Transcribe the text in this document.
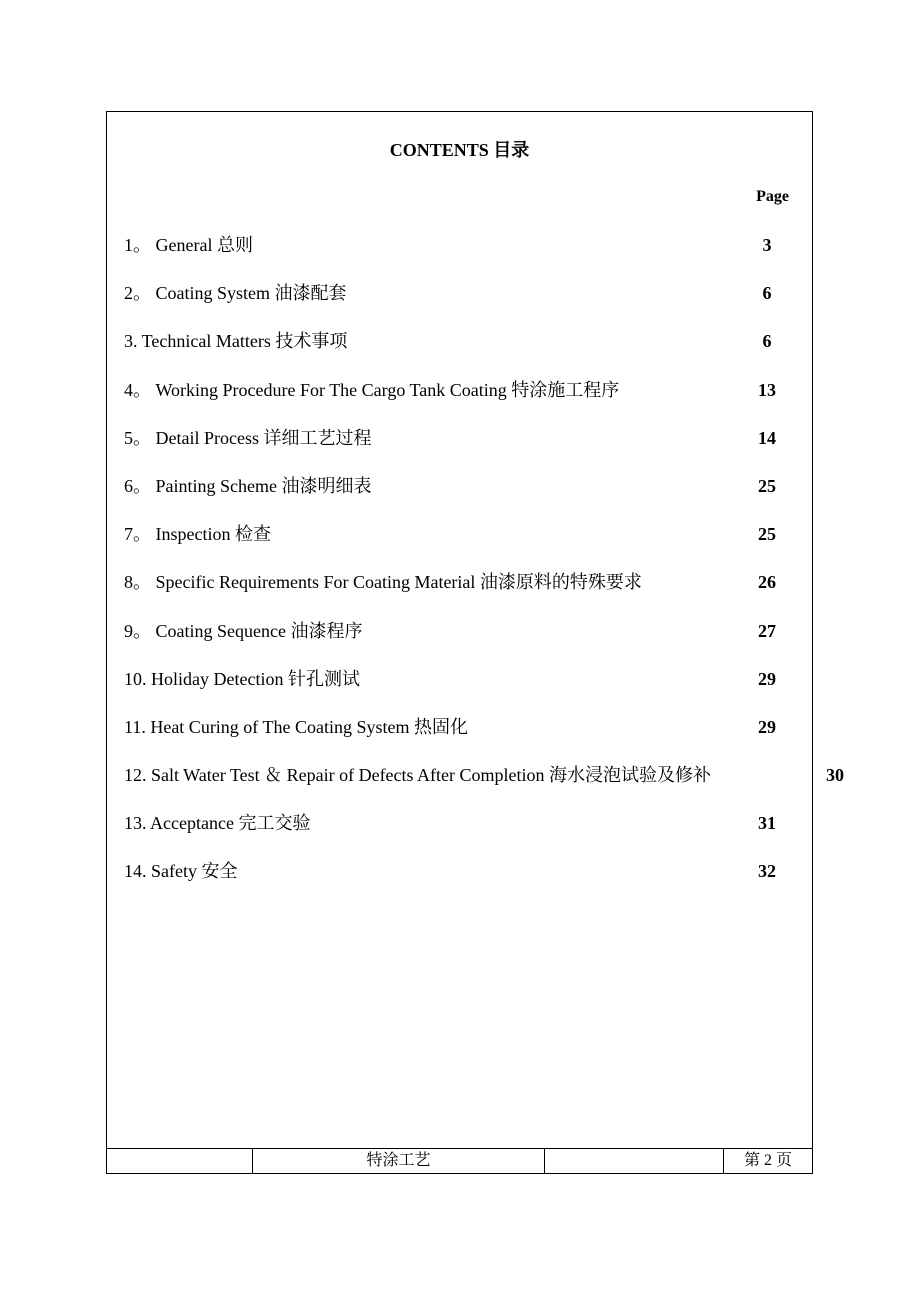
CONTENTS 目录
Page
1。 General 总则	3
2。 Coating System 油漆配套	6
3. Technical Matters 技术事项	6
4。 Working Procedure For The Cargo Tank Coating 特涂施工程序	13
5。 Detail Process 详细工艺过程	14
6。 Painting Scheme 油漆明细表	25
7。 Inspection 检查	25
8。 Specific Requirements For Coating Material 油漆原料的特殊要求	26
9。 Coating Sequence 油漆程序	27
10. Holiday Detection 针孔测试	29
11. Heat Curing of The Coating System 热固化	29
12. Salt Water Test ＆ Repair of Defects After Completion 海水浸泡试验及修补	30
13. Acceptance 完工交验	31
14. Safety 安全	32
特涂工艺	第 2 页
